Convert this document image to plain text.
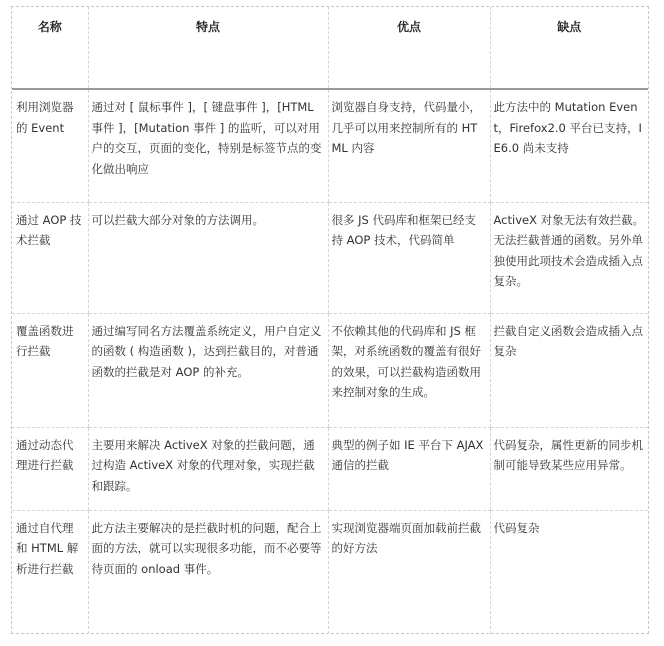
名称	特点	优点	缺点
利用浏览器的 Event	通过对 [ 鼠标事件 ]，[ 键盘事件 ]，[HTML 事件 ]，[Mutation 事件 ] 的监听，可以对用户的交互，页面的变化，特别是标签节点的变化做出响应	浏览器自身支持，代码量小，几乎可以用来控制所有的 HTML 内容	此方法中的 Mutation Event，Firefox2.0 平台已支持，IE6.0 尚未支持
通过 AOP 技术拦截	可以拦截大部分对象的方法调用。	很多 JS 代码库和框架已经支持 AOP 技术，代码简单	ActiveX 对象无法有效拦截。无法拦截普通的函数。另外单独使用此项技术会造成插入点复杂。
覆盖函数进行拦截	通过编写同名方法覆盖系统定义，用户自定义的函数 ( 构造函数 )，达到拦截目的，对普通函数的拦截是对 AOP 的补充。	不依赖其他的代码库和 JS 框架，对系统函数的覆盖有很好的效果，可以拦截构造函数用来控制对象的生成。	拦截自定义函数会造成插入点复杂
通过动态代理进行拦截	主要用来解决 ActiveX 对象的拦截问题，通过构造 ActiveX 对象的代理对象，实现拦截和跟踪。	典型的例子如 IE 平台下 AJAX 通信的拦截	代码复杂，属性更新的同步机制可能导致某些应用异常。
通过自代理和 HTML 解析进行拦截	此方法主要解决的是拦截时机的问题，配合上面的方法，就可以实现很多功能，而不必要等待页面的 onload 事件。	实现浏览器端页面加载前拦截的好方法	代码复杂
